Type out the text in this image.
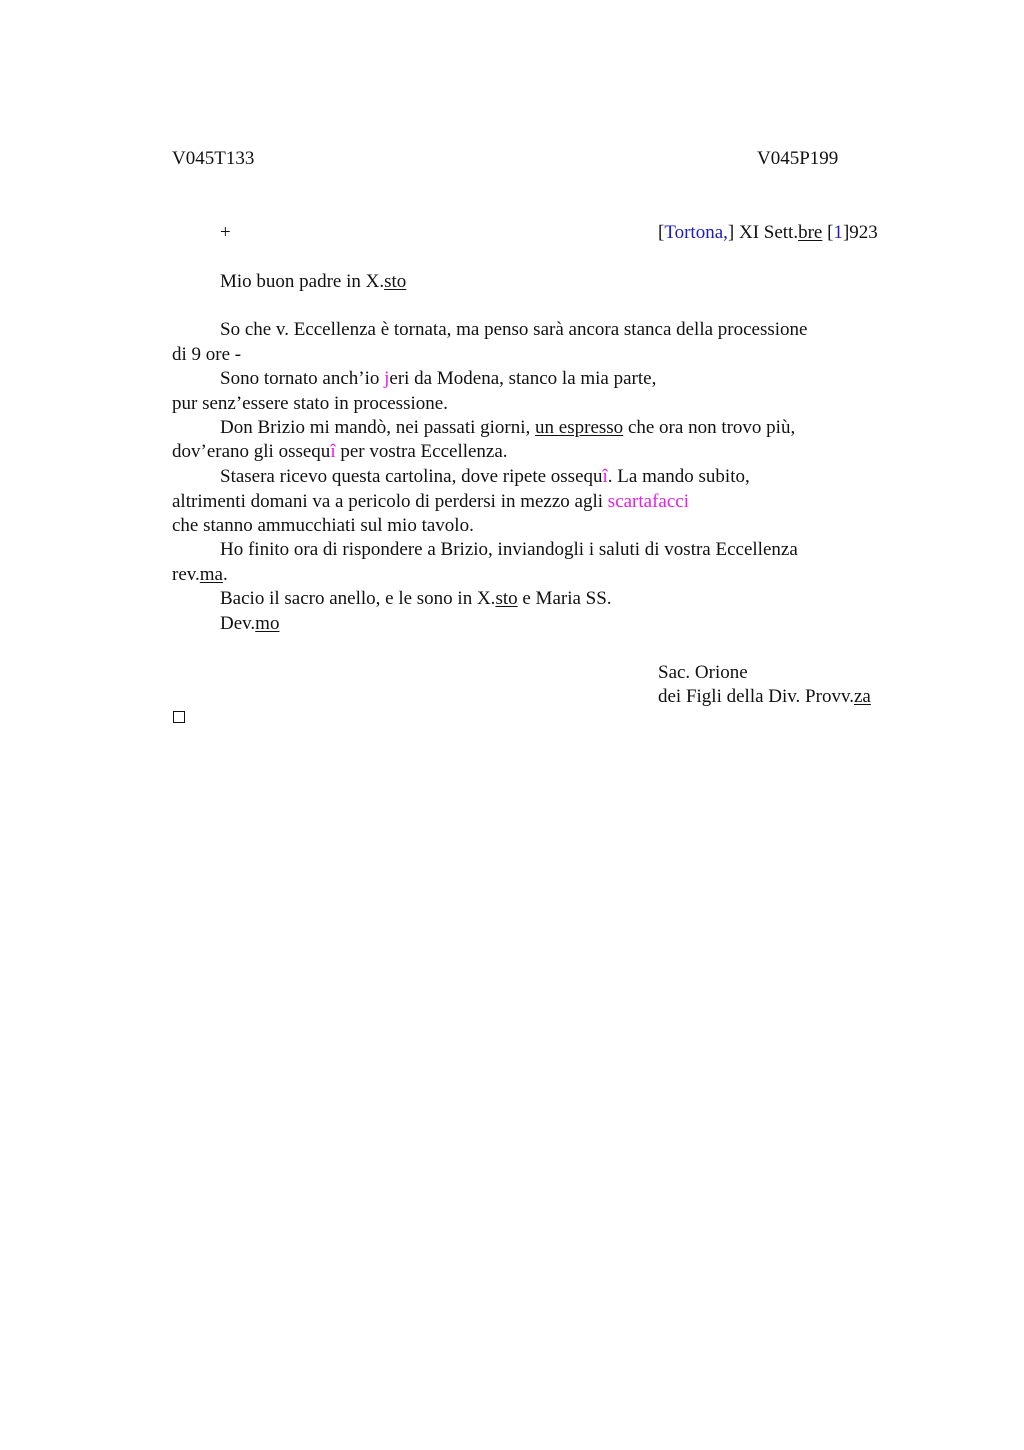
V045T133	V045P199
+	[Tortona,] XI Sett.bre [1]923
Mio buon padre in X.sto
So che v. Eccellenza è tornata, ma penso sarà ancora stanca della processione
di 9 ore -
Sono tornato anch’io jeri da Modena, stanco la mia parte,
pur senz’essere stato in processione.
Don Brizio mi mandò, nei passati giorni, un espresso che ora non trovo più,
dov’erano gli ossequî per vostra Eccellenza.
Stasera ricevo questa cartolina, dove ripete ossequî. La mando subito,
altrimenti domani va a pericolo di perdersi in mezzo agli scartafacci
che stanno ammucchiati sul mio tavolo.
Ho finito ora di rispondere a Brizio, inviandogli i saluti di vostra Eccellenza
rev.ma.
Bacio il sacro anello, e le sono in X.sto e Maria SS.
Dev.mo
Sac. Orione
dei Figli della Div. Provv.za
